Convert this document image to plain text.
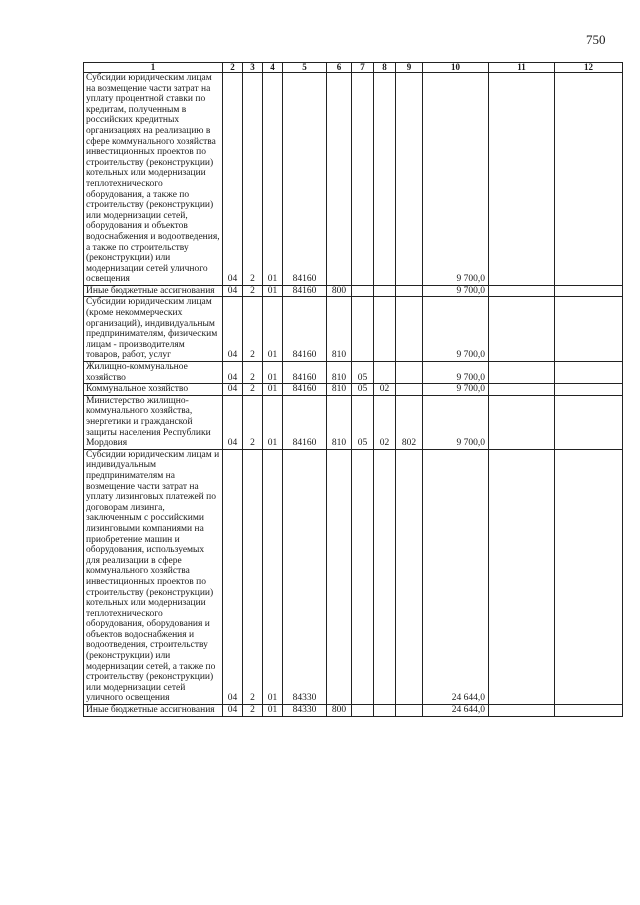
750
1	2	3	4	5	6	7	8	9	10	11	12
Субсидии юридическим лицам на возмещение части затрат на уплату процентной ставки по кредитам, полученным в российских кредитных организациях на реализацию в сфере коммунального хозяйства инвестиционных проектов по строительству (реконструкции) котельных или модернизации теплотехнического оборудования, а также по строительству (реконструкции) или модернизации сетей, оборудования и объектов водоснабжения и водоотведения, а также по строительству (реконструкции) или модернизации сетей уличного освещения	04	2	01	84160					9 700,0		
Иные бюджетные ассигнования	04	2	01	84160	800				9 700,0		
Субсидии юридическим лицам (кроме некоммерческих организаций), индивидуальным предпринимателям, физическим лицам - производителям товаров, работ, услуг	04	2	01	84160	810				9 700,0		
Жилищно-коммунальное хозяйство	04	2	01	84160	810	05			9 700,0		
Коммунальное хозяйство	04	2	01	84160	810	05	02		9 700,0		
Министерство жилищно-коммунального хозяйства, энергетики и гражданской защиты населения Республики Мордовия	04	2	01	84160	810	05	02	802	9 700,0		
Субсидии юридическим лицам и индивидуальным предпринимателям на возмещение части затрат на уплату лизинговых платежей по договорам лизинга, заключенным с российскими лизинговыми компаниями на приобретение машин и оборудования, используемых для реализации в сфере коммунального хозяйства инвестиционных проектов по строительству (реконструкции) котельных или модернизации теплотехнического оборудования, оборудования и объектов водоснабжения и водоотведения, строительству (реконструкции) или модернизации сетей, а также по строительству (реконструкции) или модернизации сетей уличного освещения	04	2	01	84330					24 644,0		
Иные бюджетные ассигнования	04	2	01	84330	800				24 644,0		
